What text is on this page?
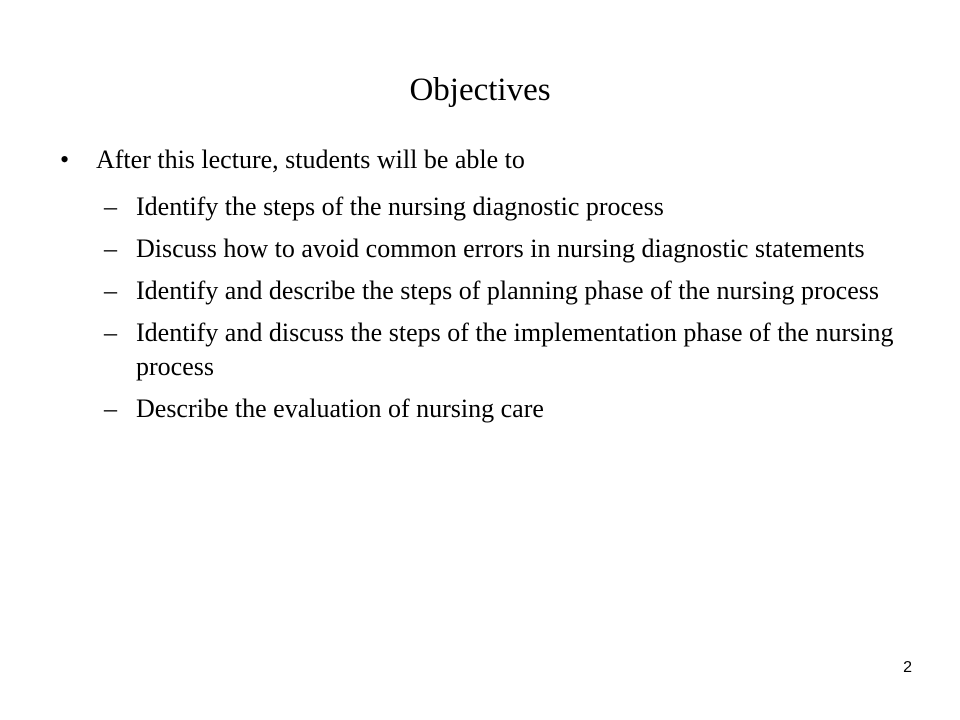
Objectives
•	After this lecture, students will be able to
– Identify the steps of the nursing diagnostic process
– Discuss how to avoid common errors in nursing diagnostic statements
– Identify and describe the steps of planning phase of the nursing process
– Identify and discuss the steps of the implementation phase of the nursing process
– Describe the evaluation of nursing care
2
